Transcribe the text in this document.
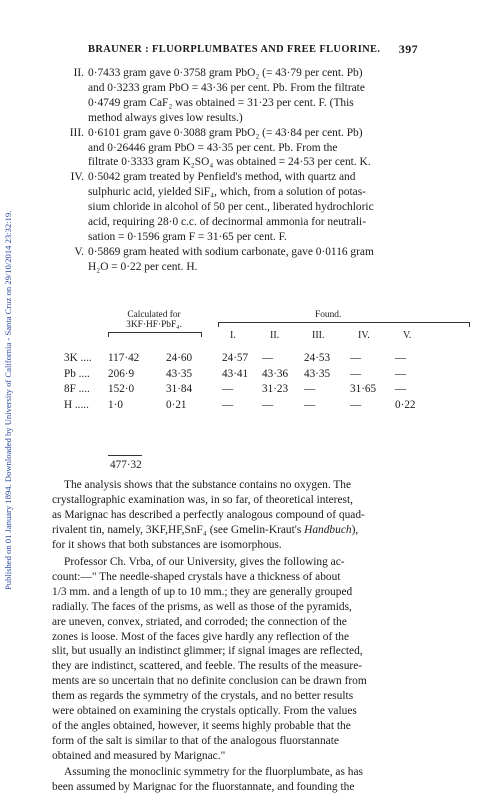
Published on 01 January 1894. Downloaded by University of California - Santa Cruz on 29/10/2014 23:32:19.
BRAUNER : FLUORPLUMBATES AND FREE FLUORINE. 397
II. 0·7433 gram gave 0·3758 gram PbO₂ (= 43·79 per cent. Pb)
and 0·3233 gram PbO = 43·36 per cent. Pb. From the filtrate
0·4749 gram CaF₂ was obtained = 31·23 per cent. F. (This
method always gives low results.)
III. 0·6101 gram gave 0·3088 gram PbO₂ (= 43·84 per cent. Pb)
and 0·26446 gram PbO = 43·35 per cent. Pb. From the
filtrate 0·3333 gram K₂SO₄ was obtained = 24·53 per cent. K.
IV. 0·5042 gram treated by Penfield's method, with quartz and
sulphuric acid, yielded SiF₄, which, from a solution of potas-
sium chloride in alcohol of 50 per cent., liberated hydrochloric
acid, requiring 28·0 c.c. of decinormal ammonia for neutrali-
sation = 0·1596 gram F = 31·65 per cent. F.
V. 0·5869 gram heated with sodium carbonate, gave 0·0116 gram
H₂O = 0·22 per cent. H.
Calculated for
3KF·HF·PbF₄.
Found.
I.	II.	III.	IV.	V.
3K .... 117·42 24·60	24·57 —	24·53 —	—
Pb .... 206·9	43·35	43·41 43·36 43·35 —	—
8F .... 152·0	31·84	—	31·23 —	31·65 —
H ..... 1·0	0·21	—	—	—	—	0·22
477·32
The analysis shows that the substance contains no oxygen. The
crystallographic examination was, in so far, of theoretical interest,
as Marignac has described a perfectly analogous compound of quad-
rivalent tin, namely, 3KF,HF,SnF₄ (see Gmelin-Kraut's Handbuch),
for it shows that both substances are isomorphous.
Professor Ch. Vrba, of our University, gives the following ac-
count:—" The needle-shaped crystals have a thickness of about
1/3 mm. and a length of up to 10 mm.; they are generally grouped
radially. The faces of the prisms, as well as those of the pyramids,
are uneven, convex, striated, and corroded; the connection of the
zones is loose. Most of the faces give hardly any reflection of the
slit, but usually an indistinct glimmer; if signal images are reflected,
they are indistinct, scattered, and feeble. The results of the measure-
ments are so uncertain that no definite conclusion can be drawn from
them as regards the symmetry of the crystals, and no better results
were obtained on examining the crystals optically. From the values
of the angles obtained, however, it seems highly probable that the
form of the salt is similar to that of the analogous fluorstannate
obtained and measured by Marignac."
Assuming the monoclinic symmetry for the fluorplumbate, as has
been assumed by Marignac for the fluorstannate, and founding the
